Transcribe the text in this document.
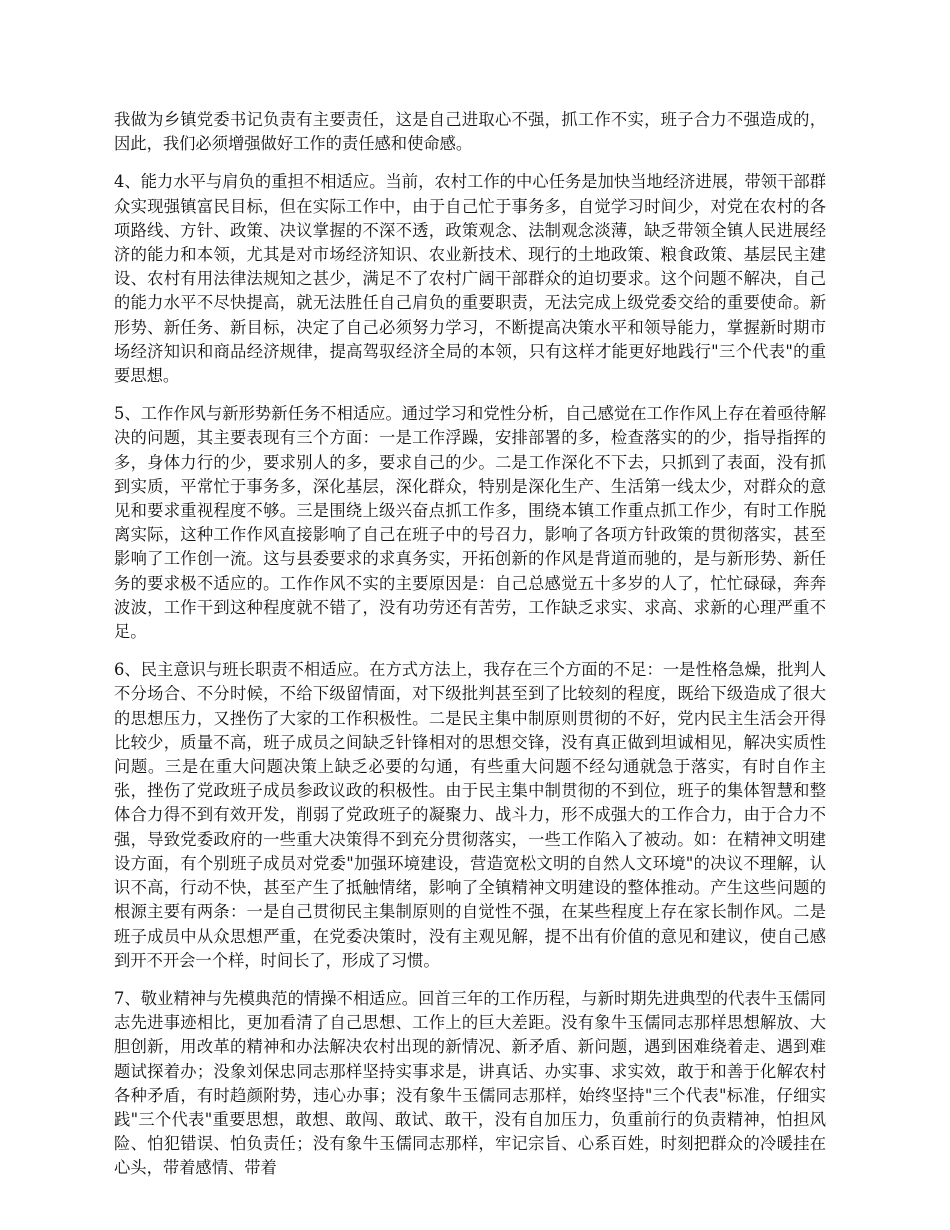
我做为乡镇党委书记负责有主要责任，这是自己进取心不强，抓工作不实，班子合力不强造成的，因此，我们必须增强做好工作的责任感和使命感。

4、能力水平与肩负的重担不相适应。当前，农村工作的中心任务是加快当地经济进展，带领干部群众实现强镇富民目标，但在实际工作中，由于自己忙于事务多，自觉学习时间少，对党在农村的各项路线、方针、政策、决议掌握的不深不透，政策观念、法制观念淡薄，缺乏带领全镇人民进展经济的能力和本领，尤其是对市场经济知识、农业新技术、现行的土地政策、粮食政策、基层民主建设、农村有用法律法规知之甚少，满足不了农村广阔干部群众的迫切要求。这个问题不解决，自己的能力水平不尽快提高，就无法胜任自己肩负的重要职责，无法完成上级党委交给的重要使命。新形势、新任务、新目标，决定了自己必须努力学习，不断提高决策水平和领导能力，掌握新时期市场经济知识和商品经济规律，提高驾驭经济全局的本领，只有这样才能更好地践行"三个代表"的重要思想。

5、工作作风与新形势新任务不相适应。通过学习和党性分析，自己感觉在工作作风上存在着亟待解决的问题，其主要表现有三个方面：一是工作浮躁，安排部署的多，检查落实的的少，指导指挥的多，身体力行的少，要求别人的多，要求自己的少。二是工作深化不下去，只抓到了表面，没有抓到实质，平常忙于事务多，深化基层，深化群众，特别是深化生产、生活第一线太少，对群众的意见和要求重视程度不够。三是围绕上级兴奋点抓工作多，围绕本镇工作重点抓工作少，有时工作脱离实际，这种工作作风直接影响了自己在班子中的号召力，影响了各项方针政策的贯彻落实，甚至影响了工作创一流。这与县委要求的求真务实，开拓创新的作风是背道而驰的，是与新形势、新任务的要求极不适应的。工作作风不实的主要原因是：自己总感觉五十多岁的人了，忙忙碌碌，奔奔波波，工作干到这种程度就不错了，没有功劳还有苦劳，工作缺乏求实、求高、求新的心理严重不足。

6、民主意识与班长职责不相适应。在方式方法上，我存在三个方面的不足：一是性格急燥，批判人不分场合、不分时候，不给下级留情面，对下级批判甚至到了比较刻的程度，既给下级造成了很大的思想压力，又挫伤了大家的工作积极性。二是民主集中制原则贯彻的不好，党内民主生活会开得比较少，质量不高，班子成员之间缺乏针锋相对的思想交锋，没有真正做到坦诚相见，解决实质性问题。三是在重大问题决策上缺乏必要的勾通，有些重大问题不经勾通就急于落实，有时自作主张，挫伤了党政班子成员参政议政的积极性。由于民主集中制贯彻的不到位，班子的集体智慧和整体合力得不到有效开发，削弱了党政班子的凝聚力、战斗力，形不成强大的工作合力，由于合力不强，导致党委政府的一些重大决策得不到充分贯彻落实，一些工作陷入了被动。如：在精神文明建设方面，有个别班子成员对党委"加强环境建设，营造宽松文明的自然人文环境"的决议不理解，认识不高，行动不快，甚至产生了抵触情绪，影响了全镇精神文明建设的整体推动。产生这些问题的根源主要有两条：一是自己贯彻民主集制原则的自觉性不强，在某些程度上存在家长制作风。二是班子成员中从众思想严重，在党委决策时，没有主观见解，提不出有价值的意见和建议，使自己感到开不开会一个样，时间长了，形成了习惯。

7、敬业精神与先模典范的情操不相适应。回首三年的工作历程，与新时期先进典型的代表牛玉儒同志先进事迹相比，更加看清了自己思想、工作上的巨大差距。没有象牛玉儒同志那样思想解放、大胆创新，用改革的精神和办法解决农村出现的新情况、新矛盾、新问题，遇到困难绕着走、遇到难题试探着办；没象刘保忠同志那样坚持实事求是，讲真话、办实事、求实效，敢于和善于化解农村各种矛盾，有时趋颜附势，违心办事；没有象牛玉儒同志那样，始终坚持"三个代表"标准，仔细实践"三个代表"重要思想，敢想、敢闯、敢试、敢干，没有自加压力，负重前行的负责精神，怕担风险、怕犯错误、怕负责任；没有象牛玉儒同志那样，牢记宗旨、心系百姓，时刻把群众的冷暖挂在心头，带着感情、带着
